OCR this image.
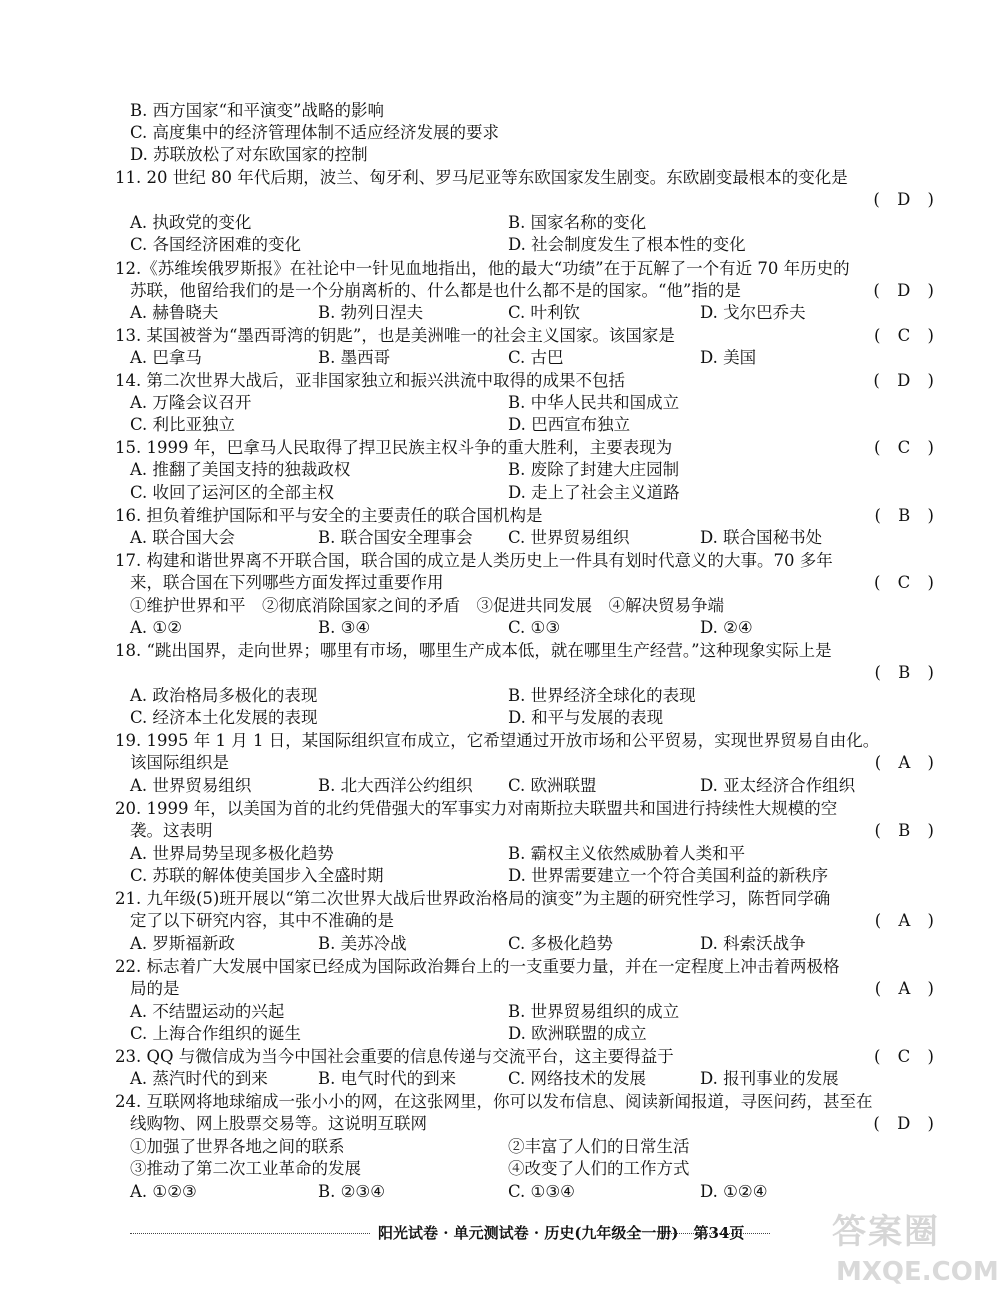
B. 西方国家“和平演变”战略的影响
C. 高度集中的经济管理体制不适应经济发展的要求
D. 苏联放松了对东欧国家的控制
11. 20 世纪 80 年代后期，波兰、匈牙利、罗马尼亚等东欧国家发生剧变。东欧剧变最根本的变化是
( D )
A. 执政党的变化	B. 国家名称的变化
C. 各国经济困难的变化	D. 社会制度发生了根本性的变化
12.《苏维埃俄罗斯报》在社论中一针见血地指出，他的最大“功绩”在于瓦解了一个有近 70 年历史的
苏联，他留给我们的是一个分崩离析的、什么都是也什么都不是的国家。“他”指的是	( D )
A. 赫鲁晓夫	B. 勃列日涅夫	C. 叶利钦	D. 戈尔巴乔夫
13. 某国被誉为“墨西哥湾的钥匙”，也是美洲唯一的社会主义国家。该国家是	( C )
A. 巴拿马	B. 墨西哥	C. 古巴	D. 美国
14. 第二次世界大战后，亚非国家独立和振兴洪流中取得的成果不包括	( D )
A. 万隆会议召开	B. 中华人民共和国成立
C. 利比亚独立	D. 巴西宣布独立
15. 1999 年，巴拿马人民取得了捍卫民族主权斗争的重大胜利，主要表现为	( C )
A. 推翻了美国支持的独裁政权	B. 废除了封建大庄园制
C. 收回了运河区的全部主权	D. 走上了社会主义道路
16. 担负着维护国际和平与安全的主要责任的联合国机构是	( B )
A. 联合国大会	B. 联合国安全理事会 C. 世界贸易组织	D. 联合国秘书处
17. 构建和谐世界离不开联合国，联合国的成立是人类历史上一件具有划时代意义的大事。70 多年
来，联合国在下列哪些方面发挥过重要作用	( C )
①维护世界和平　②彻底消除国家之间的矛盾　③促进共同发展　④解决贸易争端
A. ①②	B. ③④	C. ①③	D. ②④
18. “跳出国界，走向世界；哪里有市场，哪里生产成本低，就在哪里生产经营。”这种现象实际上是
( B )
A. 政治格局多极化的表现	B. 世界经济全球化的表现
C. 经济本土化发展的表现	D. 和平与发展的表现
19. 1995 年 1 月 1 日，某国际组织宣布成立，它希望通过开放市场和公平贸易，实现世界贸易自由化。
该国际组织是	( A )
A. 世界贸易组织	B. 北大西洋公约组织 C. 欧洲联盟	D. 亚太经济合作组织
20. 1999 年，以美国为首的北约凭借强大的军事实力对南斯拉夫联盟共和国进行持续性大规模的空
袭。这表明	( B )
A. 世界局势呈现多极化趋势	B. 霸权主义依然威胁着人类和平
C. 苏联的解体使美国步入全盛时期	D. 世界需要建立一个符合美国利益的新秩序
21. 九年级(5)班开展以“第二次世界大战后世界政治格局的演变”为主题的研究性学习，陈哲同学确
定了以下研究内容，其中不准确的是	( A )
A. 罗斯福新政	B. 美苏冷战	C. 多极化趋势	D. 科索沃战争
22. 标志着广大发展中国家已经成为国际政治舞台上的一支重要力量，并在一定程度上冲击着两极格
局的是	( A )
A. 不结盟运动的兴起	B. 世界贸易组织的成立
C. 上海合作组织的诞生	D. 欧洲联盟的成立
23. QQ 与微信成为当今中国社会重要的信息传递与交流平台，这主要得益于	( C )
A. 蒸汽时代的到来	B. 电气时代的到来	C. 网络技术的发展	D. 报刊事业的发展
24. 互联网将地球缩成一张小小的网，在这张网里，你可以发布信息、阅读新闻报道，寻医问药，甚至在
线购物、网上股票交易等。这说明互联网	( D )
①加强了世界各地之间的联系	②丰富了人们的日常生活
③推动了第二次工业革命的发展	④改变了人们的工作方式
A. ①②③	B. ②③④	C. ①③④	D. ①②④
阳光试卷 · 单元测试卷 · 历史(九年级全一册)　第34页	答案圈
MXQE.COM
